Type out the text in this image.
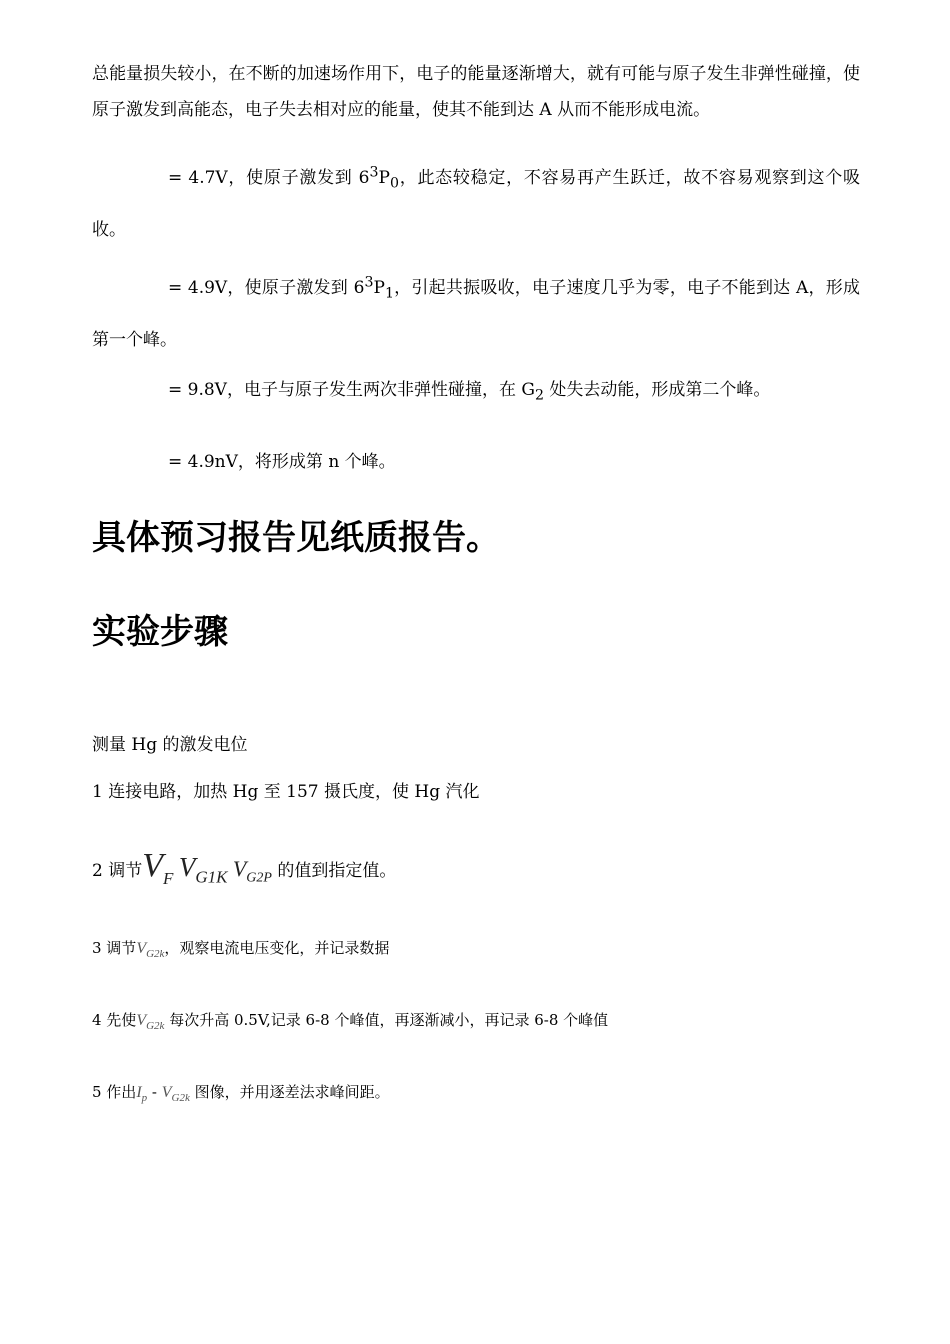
总能量损失较小，在不断的加速场作用下，电子的能量逐渐增大，就有可能与原子发生非弹性碰撞，使原子激发到高能态，电子失去相对应的能量，使其不能到达 A 从而不能形成电流。

= 4.7V，使原子激发到 $6^3P_0$，此态较稳定，不容易再产生跃迁，故不容易观察到这个吸收。

= 4.9V，使原子激发到 $6^3P_1$，引起共振吸收，电子速度几乎为零，电子不能到达 A，形成第一个峰。

= 9.8V，电子与原子发生两次非弹性碰撞，在 $G_2$ 处失去动能，形成第二个峰。

= 4.9nV，将形成第 n 个峰。

具体预习报告见纸质报告。
实验步骤
测量 Hg 的激发电位
1 连接电路，加热 Hg 至 157 摄氏度，使 Hg 汽化
2 调节$V_F$ $V_{G1K}$ $V_{G2P}$ 的值到指定值。
3 调节$V_{G2k}$，观察电流电压变化，并记录数据
4 先使$V_{G2k}$ 每次升高 0.5V,记录 6-8 个峰值，再逐渐减小，再记录 6-8 个峰值
5 作出$I_p - V_{G2k}$ 图像，并用逐差法求峰间距。
